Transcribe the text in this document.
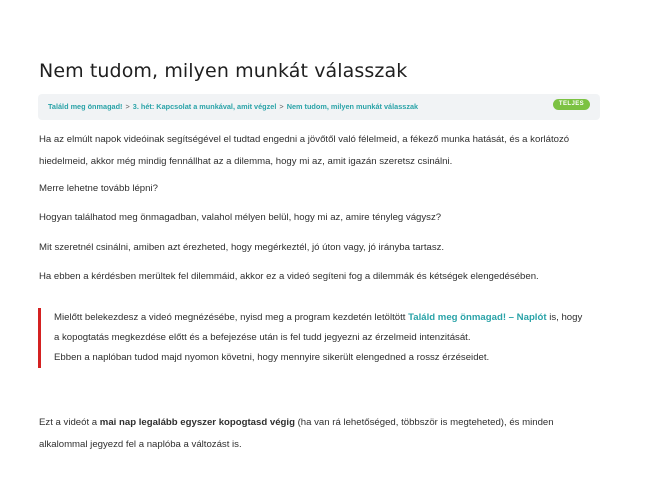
Nem tudom, milyen munkát válasszak
Találd meg önmagad! > 3. hét: Kapcsolat a munkával, amit végzel > Nem tudom, milyen munkát válasszak	TELJES

Ha az elmúlt napok videóinak segítségével el tudtad engedni a jövőtől való félelmeid, a fékező munka hatását, és a korlátozó
hiedelmeid, akkor még mindig fennállhat az a dilemma, hogy mi az, amit igazán szeretsz csinálni.

Merre lehetne tovább lépni?

Hogyan találhatod meg önmagadban, valahol mélyen belül, hogy mi az, amire tényleg vágysz?

Mit szeretnél csinálni, amiben azt érezheted, hogy megérkeztél, jó úton vagy, jó irányba tartasz.

Ha ebben a kérdésben merültek fel dilemmáid, akkor ez a videó segíteni fog a dilemmák és kétségek elengedésében.

Mielőtt belekezdesz a videó megnézésébe, nyisd meg a program kezdetén letöltött Találd meg önmagad! – Naplót is, hogy

a kopogtatás megkezdése előtt és a befejezése után is fel tudd jegyezni az érzelmeid intenzitását.

Ebben a naplóban tudod majd nyomon követni, hogy mennyire sikerült elengedned a rossz érzéseidet.

Ezt a videót a mai nap legalább egyszer kopogtasd végig (ha van rá lehetőséged, többször is megteheted), és minden
alkalommal jegyezd fel a naplóba a változást is.
